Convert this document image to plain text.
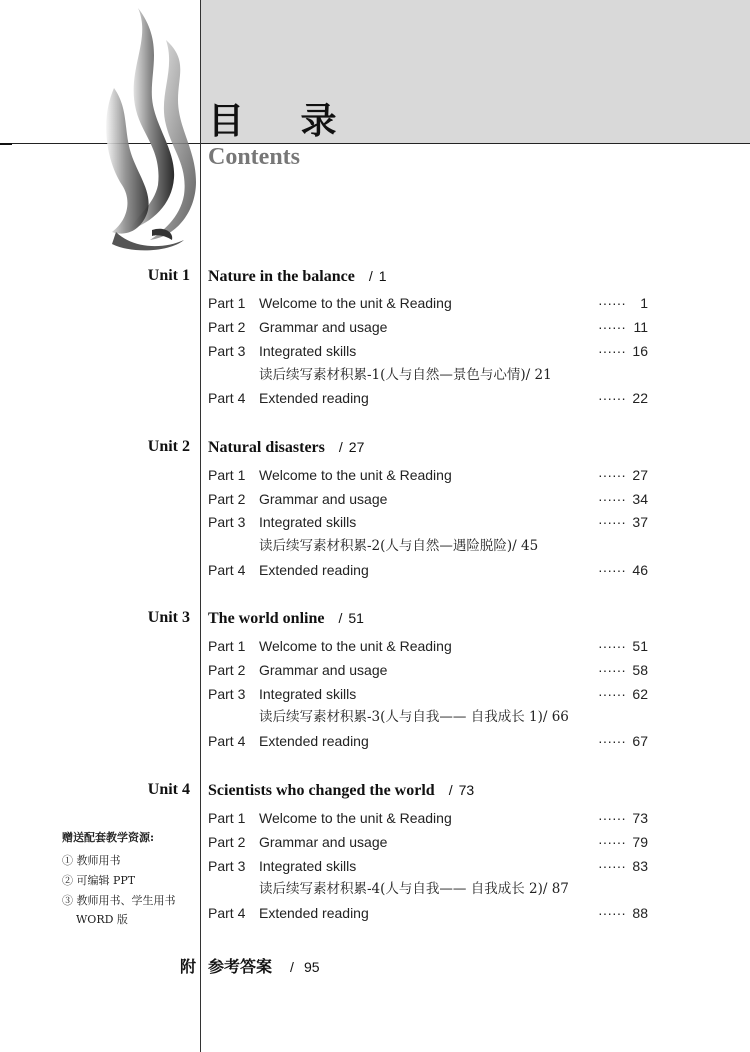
目 录
Contents
Unit 1 Nature in the balance / 1
Part 1 Welcome to the unit & Reading	······ 1
Part 2 Grammar and usage	······ 11
Part 3 Integrated skills	······ 16
读后续写素材积累-1(人与自然—景色与心情)/ 21
Part 4 Extended reading	······ 22
Unit 2 Natural disasters / 27
Part 1 Welcome to the unit & Reading	······ 27
Part 2 Grammar and usage	······ 34
Part 3 Integrated skills	······ 37
读后续写素材积累-2(人与自然—遇险脱险)/ 45
Part 4 Extended reading	······ 46
Unit 3 The world online / 51
Part 1 Welcome to the unit & Reading	······ 51
Part 2 Grammar and usage	······ 58
Part 3 Integrated skills	······ 62
读后续写素材积累-3(人与自我—— 自我成长 1)/ 66
Part 4 Extended reading	······ 67
Unit 4 Scientists who changed the world / 73
Part 1 Welcome to the unit & Reading	······ 73
Part 2 Grammar and usage	······ 79
Part 3 Integrated skills	······ 83
读后续写素材积累-4(人与自我—— 自我成长 2)/ 87
Part 4 Extended reading	······ 88
附 参考答案 / 95
赠送配套教学资源:
① 教师用书
② 可编辑 PPT
③ 教师用书、学生用书
WORD 版
